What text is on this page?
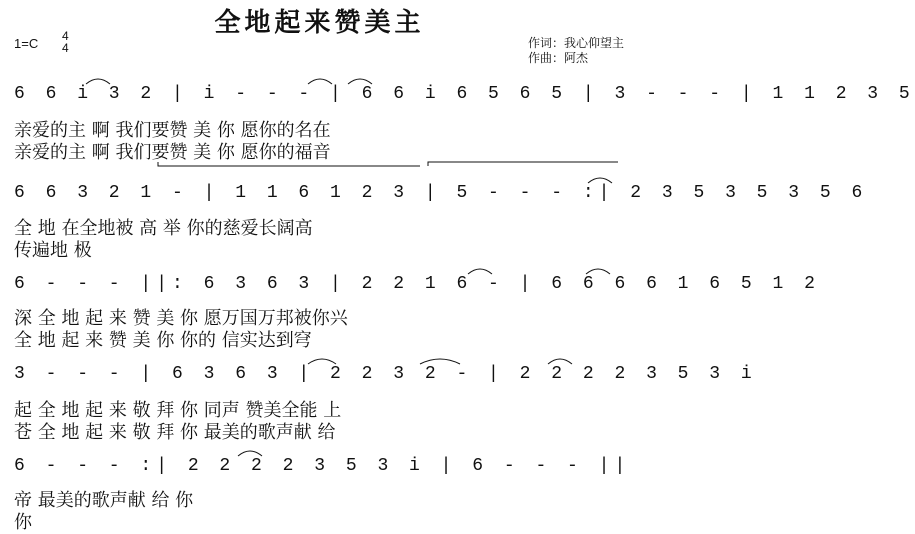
全地起来赞美主
1=C 4
4	作词：我心仰望主
作曲：阿杰
6 6 i 3 2 | i - - - | 6 6 i 6 5 6 5 | 3 - - - | 1 1 2 3 5
亲爱的主 啊 我们要赞 美 你 愿你的名在
亲爱的主 啊 我们要赞 美 你 愿你的福音
6 6 3 2 1 - | 1 1 6 1 2 3 | 5 - - - :| 2 3 5 3 5 3 5 6
全 地 在全地被 高 举 你的慈爱长阔高
传遍地 极
6 - - - ||: 6 3 6 3 | 2 2 1 6 - | 6 6 6 6 1 6 5 1 2
深 全 地 起 来 赞 美 你 愿万国万邦被你兴
全 地 起 来 赞 美 你 你的 信实达到穹
3 - - - | 6 3 6 3 | 2 2 3 2 - | 2 2 2 2 3 5 3 i
起 全 地 起 来 敬 拜 你 同声 赞美全能 上
苍 全 地 起 来 敬 拜 你 最美的歌声献 给
6 - - - :| 2 2 2 2 3 5 3 i | 6 - - - ||
帝 最美的歌声献 给 你
你
